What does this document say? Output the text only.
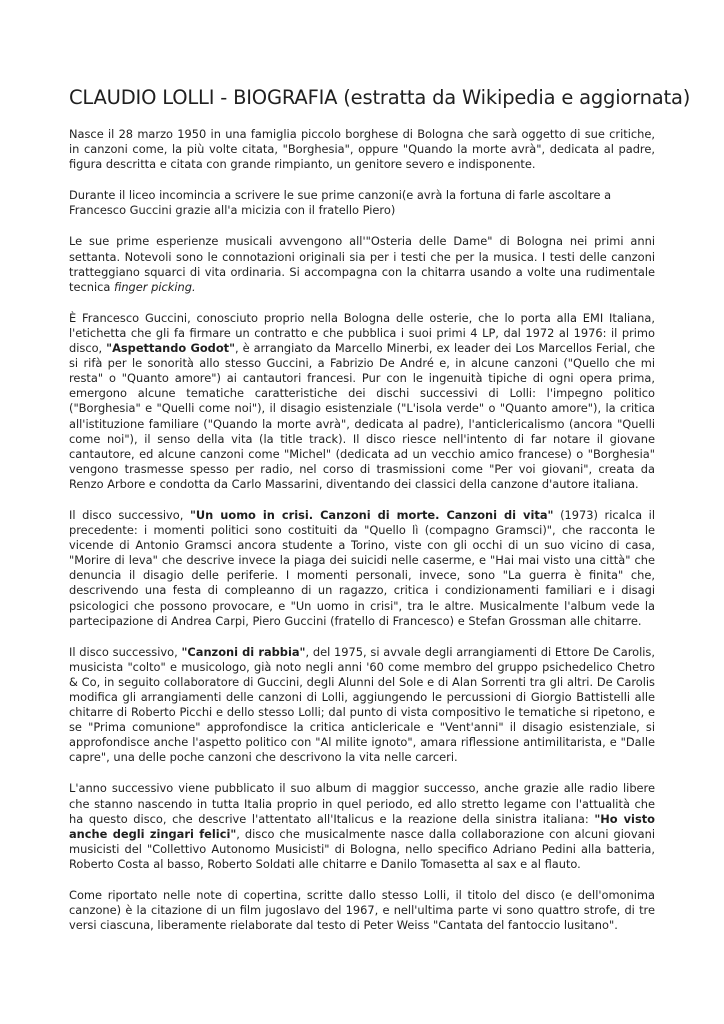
CLAUDIO LOLLI - BIOGRAFIA (estratta da Wikipedia e aggiornata)

Nasce il 28 marzo 1950 in una famiglia piccolo borghese di Bologna che sarà oggetto di sue critiche, in canzoni come, la più volte citata, "Borghesia", oppure "Quando la morte avrà", dedicata al padre, figura descritta e citata con grande rimpianto, un genitore severo e indisponente.

Durante il liceo incomincia a scrivere le sue prime canzoni(e avrà la fortuna di farle ascoltare a Francesco Guccini grazie all'a micizia con il fratello Piero)

Le sue prime esperienze musicali avvengono all'"Osteria delle Dame" di Bologna nei primi anni settanta. Notevoli sono le connotazioni originali sia per i testi che per la musica. I testi delle canzoni tratteggiano squarci di vita ordinaria. Si accompagna con la chitarra usando a volte una rudimentale tecnica finger picking.

È Francesco Guccini, conosciuto proprio nella Bologna delle osterie, che lo porta alla EMI Italiana, l'etichetta che gli fa firmare un contratto e che pubblica i suoi primi 4 LP, dal 1972 al 1976: il primo disco, "Aspettando Godot", è arrangiato da Marcello Minerbi, ex leader dei Los Marcellos Ferial, che si rifà per le sonorità allo stesso Guccini, a Fabrizio De André e, in alcune canzoni ("Quello che mi resta" o "Quanto amore") ai cantautori francesi. Pur con le ingenuità tipiche di ogni opera prima, emergono alcune tematiche caratteristiche dei dischi successivi di Lolli: l'impegno politico ("Borghesia" e "Quelli come noi"), il disagio esistenziale ("L'isola verde" o "Quanto amore"), la critica all'istituzione familiare ("Quando la morte avrà", dedicata al padre), l'anticlericalismo (ancora "Quelli come noi"), il senso della vita (la title track). Il disco riesce nell'intento di far notare il giovane cantautore, ed alcune canzoni come "Michel" (dedicata ad un vecchio amico francese) o "Borghesia" vengono trasmesse spesso per radio, nel corso di trasmissioni come "Per voi giovani", creata da Renzo Arbore e condotta da Carlo Massarini, diventando dei classici della canzone d'autore italiana.

Il disco successivo, "Un uomo in crisi. Canzoni di morte. Canzoni di vita" (1973) ricalca il precedente: i momenti politici sono costituiti da "Quello lì (compagno Gramsci)", che racconta le vicende di Antonio Gramsci ancora studente a Torino, viste con gli occhi di un suo vicino di casa, "Morire di leva" che descrive invece la piaga dei suicidi nelle caserme, e "Hai mai visto una città" che denuncia il disagio delle periferie. I momenti personali, invece, sono "La guerra è finita" che, descrivendo una festa di compleanno di un ragazzo, critica i condizionamenti familiari e i disagi psicologici che possono provocare, e "Un uomo in crisi", tra le altre. Musicalmente l'album vede la partecipazione di Andrea Carpi, Piero Guccini (fratello di Francesco) e Stefan Grossman alle chitarre.

Il disco successivo, "Canzoni di rabbia", del 1975, si avvale degli arrangiamenti di Ettore De Carolis, musicista "colto" e musicologo, già noto negli anni '60 come membro del gruppo psichedelico Chetro & Co, in seguito collaboratore di Guccini, degli Alunni del Sole e di Alan Sorrenti tra gli altri. De Carolis modifica gli arrangiamenti delle canzoni di Lolli, aggiungendo le percussioni di Giorgio Battistelli alle chitarre di Roberto Picchi e dello stesso Lolli; dal punto di vista compositivo le tematiche si ripetono, e se "Prima comunione" approfondisce la critica anticlericale e "Vent'anni" il disagio esistenziale, si approfondisce anche l'aspetto politico con "Al milite ignoto", amara riflessione antimilitarista, e "Dalle capre", una delle poche canzoni che descrivono la vita nelle carceri.

L'anno successivo viene pubblicato il suo album di maggior successo, anche grazie alle radio libere che stanno nascendo in tutta Italia proprio in quel periodo, ed allo stretto legame con l'attualità che ha questo disco, che descrive l'attentato all'Italicus e la reazione della sinistra italiana: "Ho visto anche degli zingari felici", disco che musicalmente nasce dalla collaborazione con alcuni giovani musicisti del "Collettivo Autonomo Musicisti" di Bologna, nello specifico Adriano Pedini alla batteria, Roberto Costa al basso, Roberto Soldati alle chitarre e Danilo Tomasetta al sax e al flauto.

Come riportato nelle note di copertina, scritte dallo stesso Lolli, il titolo del disco (e dell'omonima canzone) è la citazione di un film jugoslavo del 1967, e nell'ultima parte vi sono quattro strofe, di tre versi ciascuna, liberamente rielaborate dal testo di Peter Weiss "Cantata del fantoccio lusitano".
